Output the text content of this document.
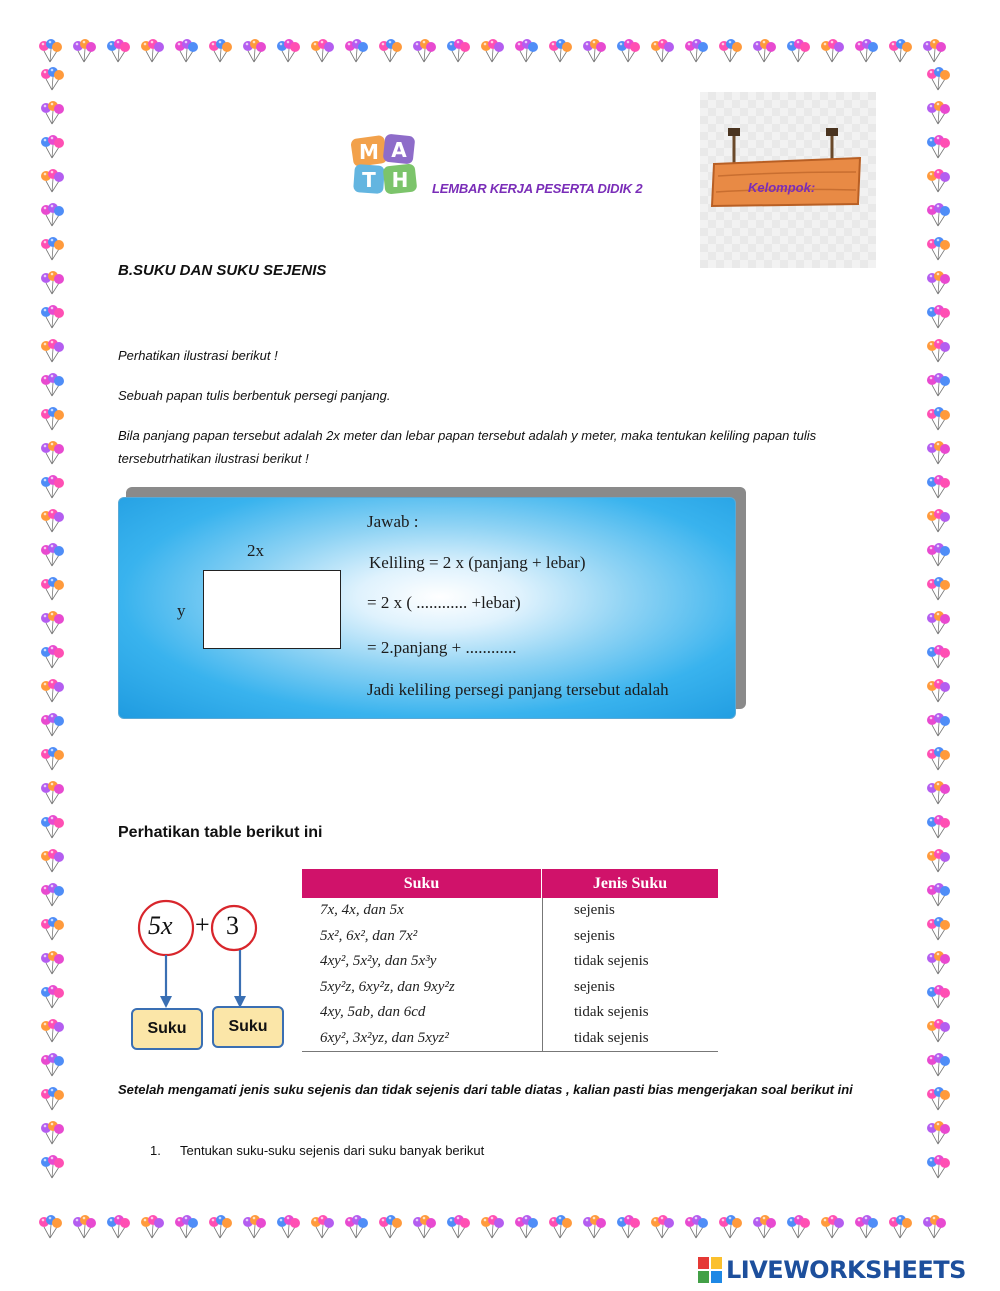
M A
T H LEMBAR KERJA PESERTA DIDIK 2	Kelompok:
B.SUKU DAN SUKU SEJENIS
Perhatikan ilustrasi berikut !
Sebuah papan tulis berbentuk persegi panjang.
Bila panjang papan tersebut adalah 2x meter dan lebar papan tersebut adalah y meter, maka tentukan keliling papan tulis tersebutrhatikan ilustrasi berikut !
2x
y
Jawab :
Keliling = 2 x (panjang + lebar)
= 2 x ( ............ +lebar)
= 2.panjang + ............
Jadi keliling persegi panjang tersebut adalah
Perhatikan table berikut ini
5x + 3
Suku	Suku
Suku	Jenis Suku
7x, 4x, dan 5x	sejenis
5x², 6x², dan 7x²	sejenis
4xy², 5x²y, dan 5x³y	tidak sejenis
5xy²z, 6xy²z, dan 9xy²z	sejenis
4xy, 5ab, dan 6cd	tidak sejenis
6xy², 3x²yz, dan 5xyz²	tidak sejenis
Setelah mengamati jenis suku sejenis dan tidak sejenis dari table diatas , kalian pasti bias mengerjakan soal berikut ini
1. Tentukan suku-suku sejenis dari suku banyak berikut
LIVEWORKSHEETS
